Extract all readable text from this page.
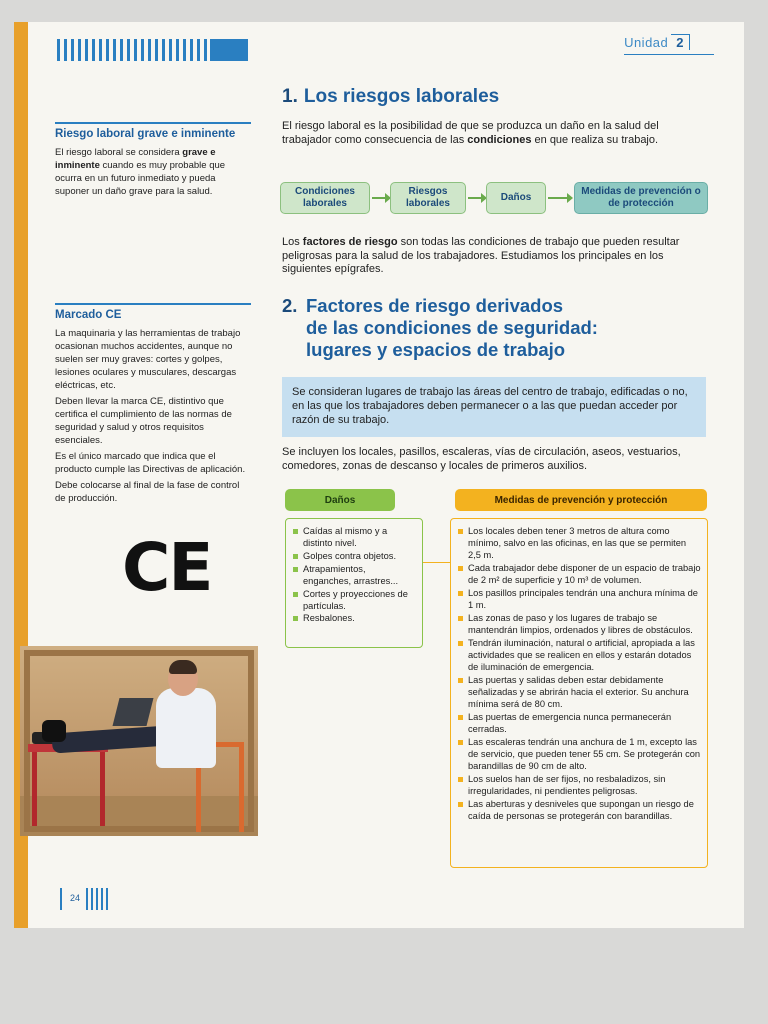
Unidad 2
Riesgo laboral grave e inminente

El riesgo laboral se considera grave e inminente cuando es muy probable que ocurra en un futuro inmediato y pueda suponer un daño grave para la salud.

Marcado CE

La maquinaria y las herramientas de trabajo ocasionan muchos accidentes, aunque no suelen ser muy graves: cortes y golpes, lesiones oculares y musculares, descargas eléctricas, etc.

Deben llevar la marca CE, distintivo que certifica el cumplimiento de las normas de seguridad y salud y otros requisitos esenciales.

Es el único marcado que indica que el producto cumple las Directivas de aplicación.

Debe colocarse al final de la fase de control de producción.

CE
24
1. Los riesgos laborales

El riesgo laboral es la posibilidad de que se produzca un daño en la salud del trabajador como consecuencia de las condiciones en que realiza su trabajo.

Condiciones laborales
Riesgos laborales
Daños
Medidas de prevención o de protección

Los factores de riesgo son todas las condiciones de trabajo que pueden resultar peligrosas para la salud de los trabajadores. Estudiamos los principales en los siguientes epígrafes.

2. Factores de riesgo derivados
de las condiciones de seguridad:
lugares y espacios de trabajo
Se consideran lugares de trabajo las áreas del centro de trabajo, edificadas o no, en las que los trabajadores deben permanecer o a las que puedan acceder por razón de su trabajo.

Se incluyen los locales, pasillos, escaleras, vías de circulación, aseos, vestuarios, comedores, zonas de descanso y locales de primeros auxilios.

Daños	Medidas de prevención y protección
Caídas al mismo y a distinto nivel.
Golpes contra objetos.
Atrapamientos, enganches, arrastres...
Cortes y proyecciones de partículas.
Resbalones.
Los locales deben tener 3 metros de altura como mínimo, salvo en las oficinas, en las que se permiten 2,5 m.
Cada trabajador debe disponer de un espacio de trabajo de 2 m² de superficie y 10 m³ de volumen.
Los pasillos principales tendrán una anchura mínima de 1 m.
Las zonas de paso y los lugares de trabajo se mantendrán limpios, ordenados y libres de obstáculos.
Tendrán iluminación, natural o artificial, apropiada a las actividades que se realicen en ellos y estarán dotados de iluminación de emergencia.
Las puertas y salidas deben estar debidamente señalizadas y se abrirán hacia el exterior. Su anchura mínima será de 80 cm.
Las puertas de emergencia nunca permanecerán cerradas.
Las escaleras tendrán una anchura de 1 m, excepto las de servicio, que pueden tener 55 cm. Se protegerán con barandillas de 90 cm de alto.
Los suelos han de ser fijos, no resbaladizos, sin irregularidades, ni pendientes peligrosas.
Las aberturas y desniveles que supongan un riesgo de caída de personas se protegerán con barandillas.
